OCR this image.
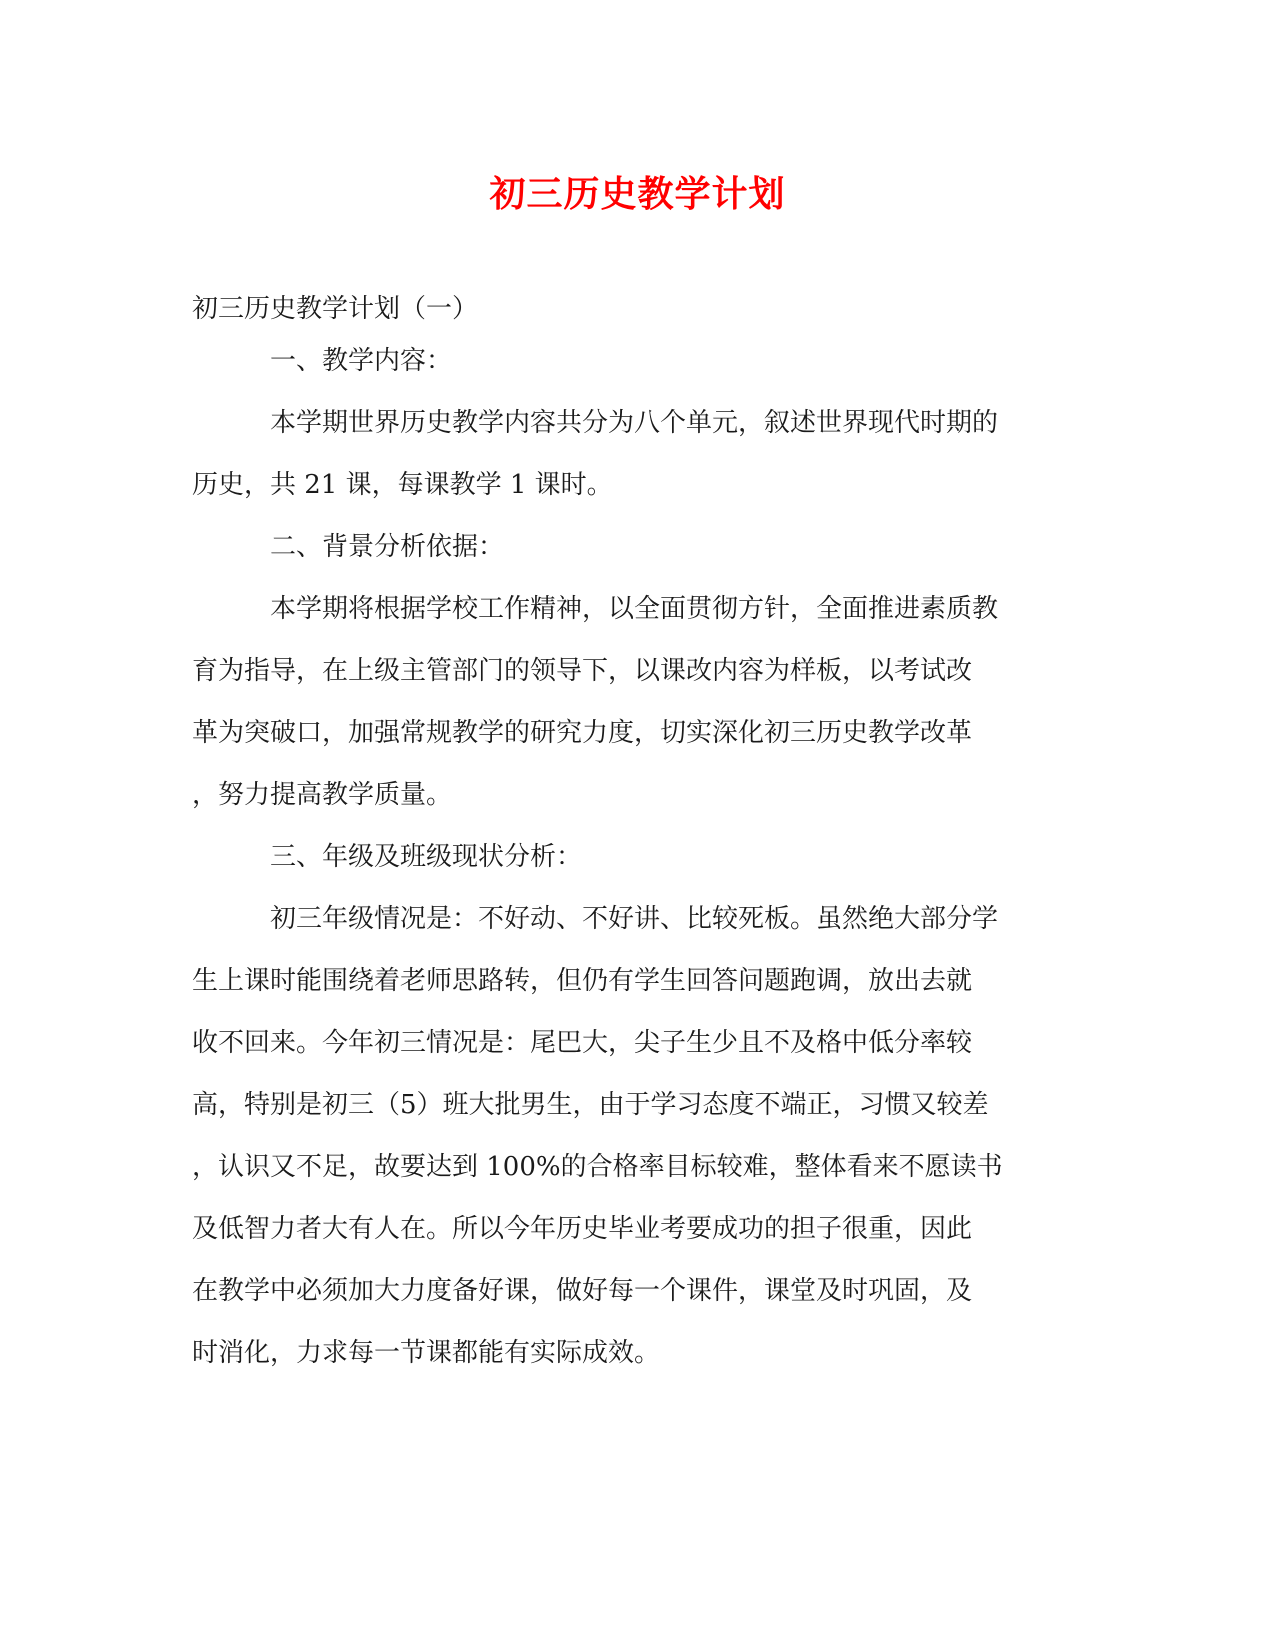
初三历史教学计划
初三历史教学计划（一）
一、教学内容：
本学期世界历史教学内容共分为八个单元，叙述世界现代时期的
历史，共 21 课，每课教学 1 课时。
二、背景分析依据：
本学期将根据学校工作精神，以全面贯彻方针，全面推进素质教
育为指导，在上级主管部门的领导下，以课改内容为样板，以考试改
革为突破口，加强常规教学的研究力度，切实深化初三历史教学改革
，努力提高教学质量。
三、年级及班级现状分析：
初三年级情况是：不好动、不好讲、比较死板。虽然绝大部分学
生上课时能围绕着老师思路转，但仍有学生回答问题跑调，放出去就
收不回来。今年初三情况是：尾巴大，尖子生少且不及格中低分率较
高，特别是初三（5）班大批男生，由于学习态度不端正，习惯又较差
，认识又不足，故要达到 100%的合格率目标较难，整体看来不愿读书
及低智力者大有人在。所以今年历史毕业考要成功的担子很重，因此
在教学中必须加大力度备好课，做好每一个课件，课堂及时巩固，及
时消化，力求每一节课都能有实际成效。
